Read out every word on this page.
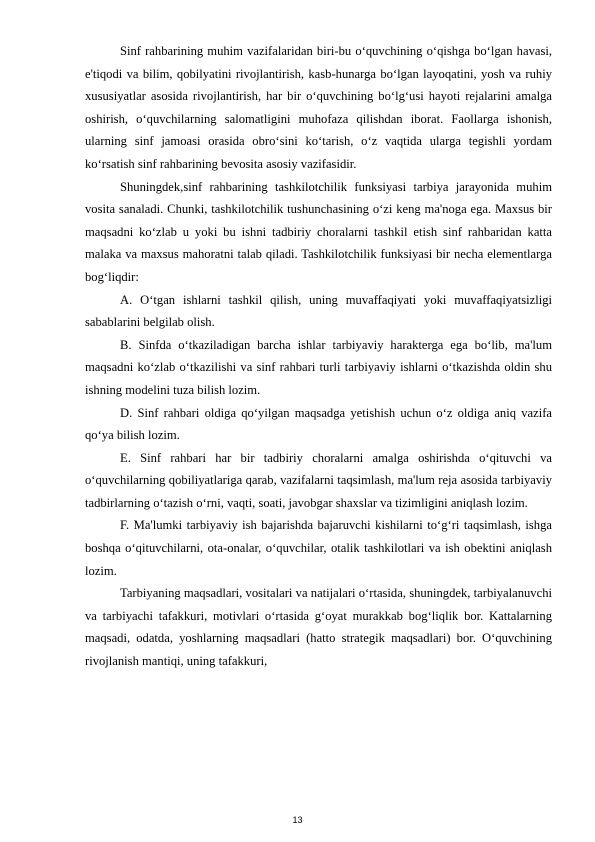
Sinf rahbarining muhim vazifalaridan biri-bu o‘quvchining o‘qishga bo‘lgan havasi, e'tiqodi va bilim, qobilyatini rivojlantirish, kasb-hunarga bo‘lgan layoqatini, yosh va ruhiy xususiyatlar asosida rivojlantirish, har bir o‘quvchining bo‘lg‘usi hayoti rejalarini amalga oshirish, o‘quvchilarning salomatligini muhofaza qilishdan iborat. Faollarga ishonish, ularning sinf jamoasi orasida obro‘sini ko‘tarish, o‘z vaqtida ularga tegishli yordam ko‘rsatish sinf rahbarining bevosita asosiy vazifasidir.

Shuningdek,sinf rahbarining tashkilotchilik funksiyasi tarbiya jarayonida muhim vosita sanaladi. Chunki, tashkilotchilik tushunchasining o‘zi keng ma'noga ega. Maxsus bir maqsadni ko‘zlab u yoki bu ishni tadbiriy choralarni tashkil etish sinf rahbaridan katta malaka va maxsus mahoratni talab qiladi. Tashkilotchilik funksiyasi bir necha elementlarga bog‘liqdir:

A. O‘tgan ishlarni tashkil qilish, uning muvaffaqiyati yoki muvaffaqiyatsizligi sabablarini belgilab olish.

B. Sinfda o‘tkaziladigan barcha ishlar tarbiyaviy harakterga ega bo‘lib, ma'lum maqsadni ko‘zlab o‘tkazilishi va sinf rahbari turli tarbiyaviy ishlarni o‘tkazishda oldin shu ishning modelini tuza bilish lozim.

D. Sinf rahbari oldiga qo‘yilgan maqsadga yetishish uchun o‘z oldiga aniq vazifa qo‘ya bilish lozim.

E. Sinf rahbari har bir tadbiriy choralarni amalga oshirishda o‘qituvchi va o‘quvchilarning qobiliyatlariga qarab, vazifalarni taqsimlash, ma'lum reja asosida tarbiyaviy tadbirlarning o‘tazish o‘rni, vaqti, soati, javobgar shaxslar va tizimligini aniqlash lozim.

F. Ma'lumki tarbiyaviy ish bajarishda bajaruvchi kishilarni to‘g‘ri taqsimlash, ishga boshqa o‘qituvchilarni, ota-onalar, o‘quvchilar, otalik tashkilotlari va ish obektini aniqlash lozim.

Tarbiyaning maqsadlari, vositalari va natijalari o‘rtasida, shuningdek, tarbiyalanuvchi va tarbiyachi tafakkuri, motivlari o‘rtasida g‘oyat murakkab bog‘liqlik bor. Kattalarning maqsadi, odatda, yoshlarning maqsadlari (hatto strategik maqsadlari) bor. O‘quvchining rivojlanish mantiqi, uning tafakkuri,

13
